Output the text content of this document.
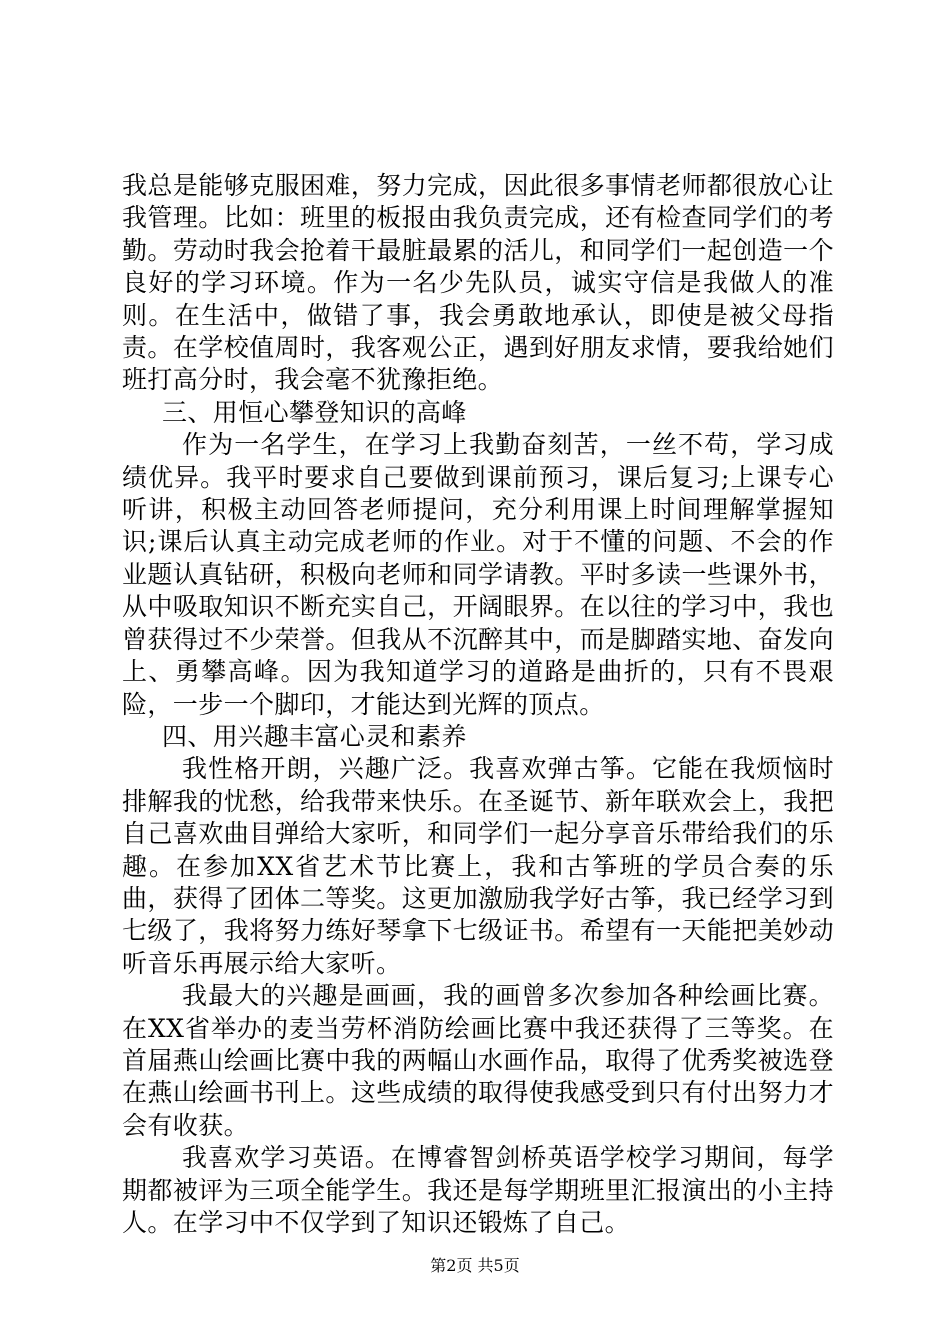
我总是能够克服困难，努力完成，因此很多事情老师都很放心让我管理。比如：班里的板报由我负责完成，还有检查同学们的考勤。劳动时我会抢着干最脏最累的活儿，和同学们一起创造一个良好的学习环境。作为一名少先队员，诚实守信是我做人的准则。在生活中，做错了事，我会勇敢地承认，即使是被父母指责。在学校值周时，我客观公正，遇到好朋友求情，要我给她们班打高分时，我会毫不犹豫拒绝。

三、用恒心攀登知识的高峰

作为一名学生，在学习上我勤奋刻苦，一丝不苟，学习成绩优异。我平时要求自己要做到课前预习，课后复习;上课专心听讲，积极主动回答老师提问，充分利用课上时间理解掌握知识;课后认真主动完成老师的作业。对于不懂的问题、不会的作业题认真钻研，积极向老师和同学请教。平时多读一些课外书，从中吸取知识不断充实自己，开阔眼界。在以往的学习中，我也曾获得过不少荣誉。但我从不沉醉其中，而是脚踏实地、奋发向上、勇攀高峰。因为我知道学习的道路是曲折的，只有不畏艰险，一步一个脚印，才能达到光辉的顶点。

四、用兴趣丰富心灵和素养

我性格开朗，兴趣广泛。我喜欢弹古筝。它能在我烦恼时排解我的忧愁，给我带来快乐。在圣诞节、新年联欢会上，我把自己喜欢曲目弹给大家听，和同学们一起分享音乐带给我们的乐趣。在参加XX省艺术节比赛上，我和古筝班的学员合奏的乐曲，获得了团体二等奖。这更加激励我学好古筝，我已经学习到七级了，我将努力练好琴拿下七级证书。希望有一天能把美妙动听音乐再展示给大家听。

我最大的兴趣是画画，我的画曾多次参加各种绘画比赛。在XX省举办的麦当劳杯消防绘画比赛中我还获得了三等奖。在首届燕山绘画比赛中我的两幅山水画作品，取得了优秀奖被选登在燕山绘画书刊上。这些成绩的取得使我感受到只有付出努力才会有收获。

我喜欢学习英语。在博睿智剑桥英语学校学习期间，每学期都被评为三项全能学生。我还是每学期班里汇报演出的小主持人。在学习中不仅学到了知识还锻炼了自己。

第2页 共5页
